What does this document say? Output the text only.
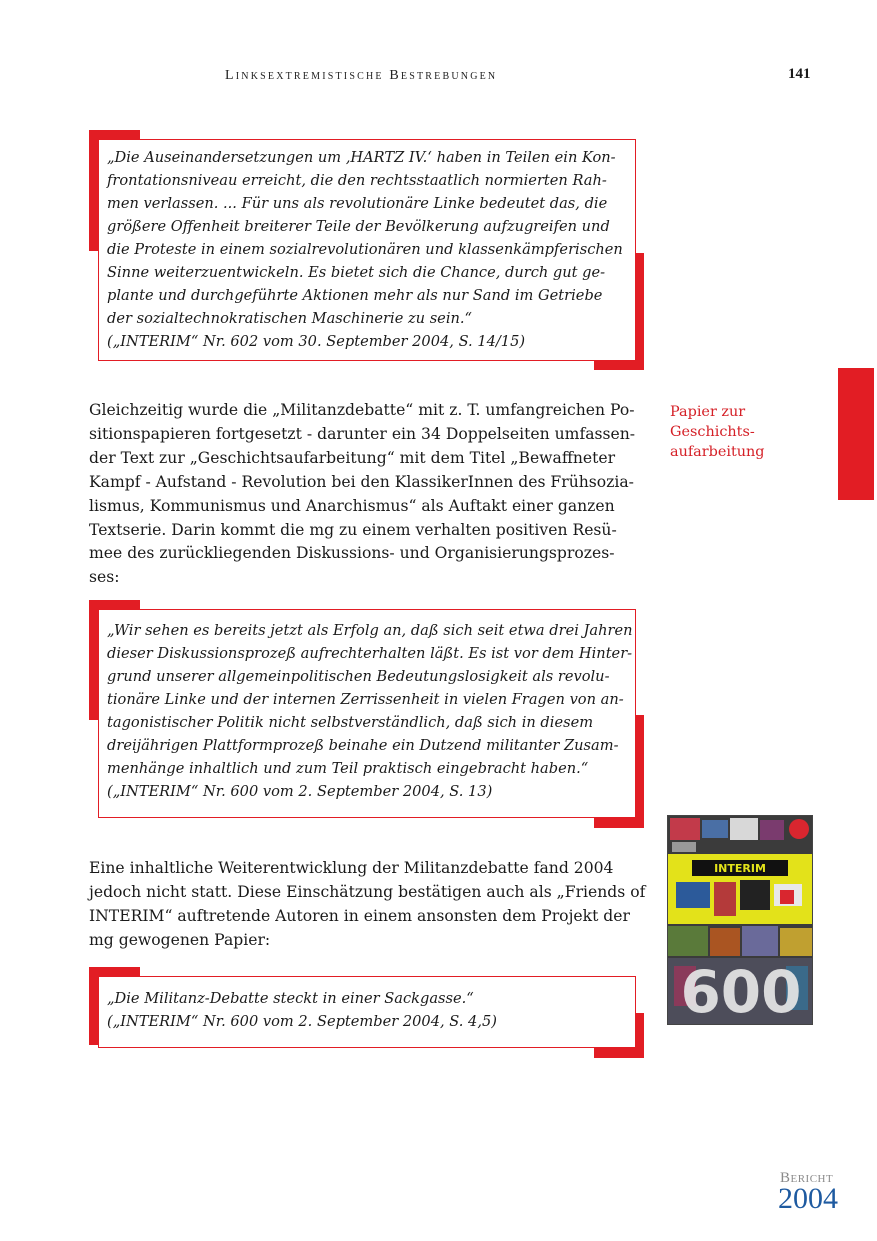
Linksextremistische Bestrebungen	141
„Die Auseinandersetzungen um ‚HARTZ IV.‘ haben in Teilen ein Kon-
frontationsniveau erreicht, die den rechtsstaatlich normierten Rah-
men verlassen. ... Für uns als revolutionäre Linke bedeutet das, die
größere Offenheit breiterer Teile der Bevölkerung aufzugreifen und
die Proteste in einem sozialrevolutionären und klassenkämpferischen
Sinne weiterzuentwickeln. Es bietet sich die Chance, durch gut ge-
plante und durchgeführte Aktionen mehr als nur Sand im Getriebe
der sozialtechnokratischen Maschinerie zu sein.“
(„INTERIM“ Nr. 602 vom 30. September 2004, S. 14/15)
Gleichzeitig wurde die „Militanzdebatte“ mit z. T. umfangreichen Po-
sitionspapieren fortgesetzt - darunter ein 34 Doppelseiten umfassen-
der Text zur „Geschichtsaufarbeitung“ mit dem Titel „Bewaffneter
Kampf - Aufstand - Revolution bei den KlassikerInnen des Frühsozia-
lismus, Kommunismus und Anarchismus“ als Auftakt einer ganzen
Textserie. Darin kommt die mg zu einem verhalten positiven Resü-
mee des zurückliegenden Diskussions- und Organisierungsprozes-
ses:
Papier zur
Geschichts-
aufarbeitung
„Wir sehen es bereits jetzt als Erfolg an, daß sich seit etwa drei Jahren
dieser Diskussionsprozeß aufrechterhalten läßt. Es ist vor dem Hinter-
grund unserer allgemeinpolitischen Bedeutungslosigkeit als revolu-
tionäre Linke und der internen Zerrissenheit in vielen Fragen von an-
tagonistischer Politik nicht selbstverständlich, daß sich in diesem
dreijährigen Plattformprozeß beinahe ein Dutzend militanter Zusam-
menhänge inhaltlich und zum Teil praktisch eingebracht haben.“
(„INTERIM“ Nr. 600 vom 2. September 2004, S. 13)
Eine inhaltliche Weiterentwicklung der Militanzdebatte fand 2004
jedoch nicht statt. Diese Einschätzung bestätigen auch als „Friends of
INTERIM“ auftretende Autoren in einem ansonsten dem Projekt der
mg gewogenen Papier:
INTERIM
600
„Die Militanz-Debatte steckt in einer Sackgasse.“
(„INTERIM“ Nr. 600 vom 2. September 2004, S. 4,5)
Bericht
2004
